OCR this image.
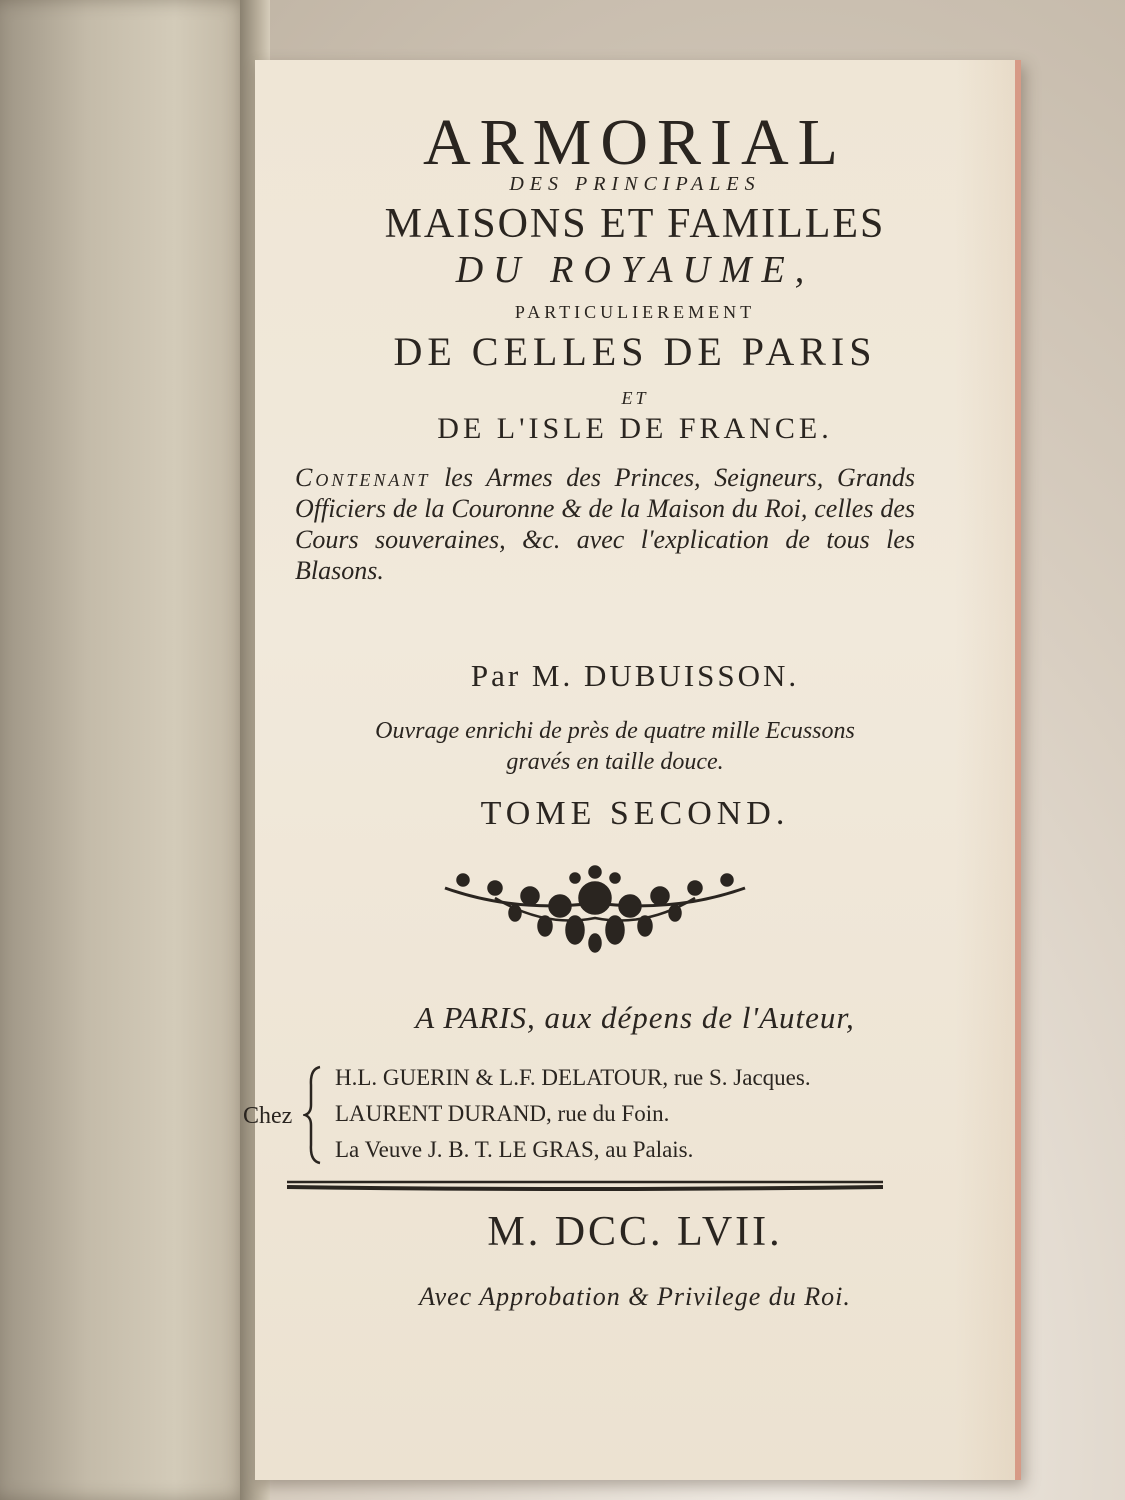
ARMORIAL
DES PRINCIPALES
MAISONS ET FAMILLES
DU ROYAUME,
PARTICULIEREMENT
DE CELLES DE PARIS
ET
DE L'ISLE DE FRANCE.
Contenant les Armes des Princes, Seigneurs, Grands Officiers de la Couronne & de la Maison du Roi, celles des Cours souveraines, &c. avec l'explication de tous les Blasons.
Par M. DUBUISSON.
Ouvrage enrichi de près de quatre mille Ecussons
gravés en taille douce.
TOME SECOND.
A PARIS, aux dépens de l'Auteur,
Chez
H.L. GUERIN & L.F. DELATOUR, rue S. Jacques.
LAURENT DURAND, rue du Foin.
La Veuve J. B. T. LE GRAS, au Palais.
M. DCC. LVII.
Avec Approbation & Privilege du Roi.
